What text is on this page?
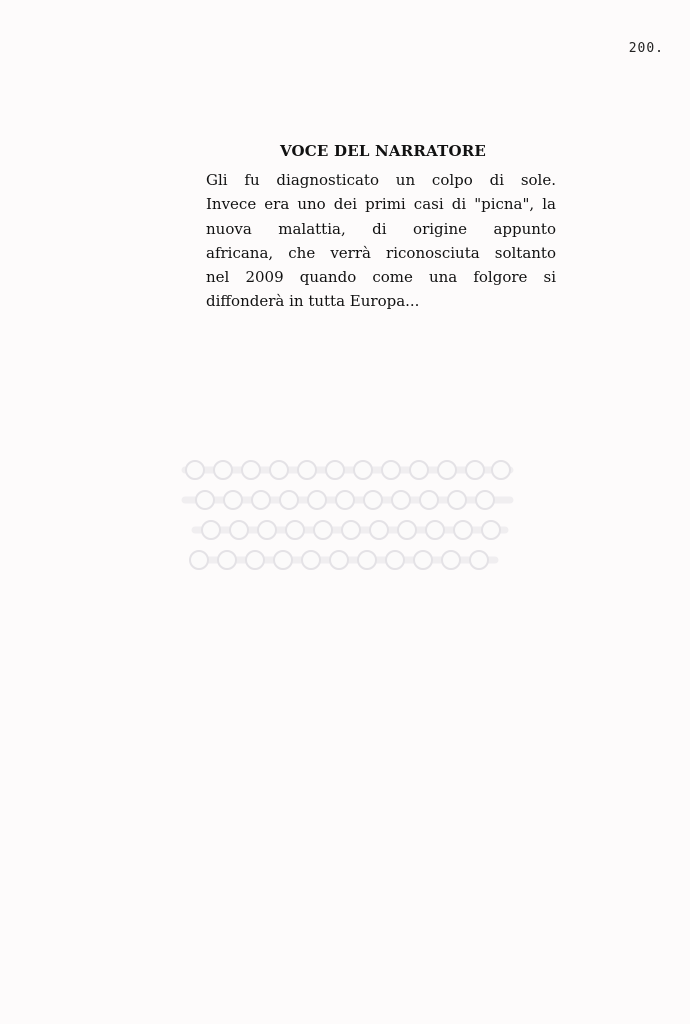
200.
VOCE DEL NARRATORE
Gli fu diagnosticato un colpo di sole.
Invece era uno dei primi casi di "picna", la
nuova malattia, di origine appunto
africana, che verrà riconosciuta soltanto
nel 2009 quando come una folgore si
diffonderà in tutta Europa...
